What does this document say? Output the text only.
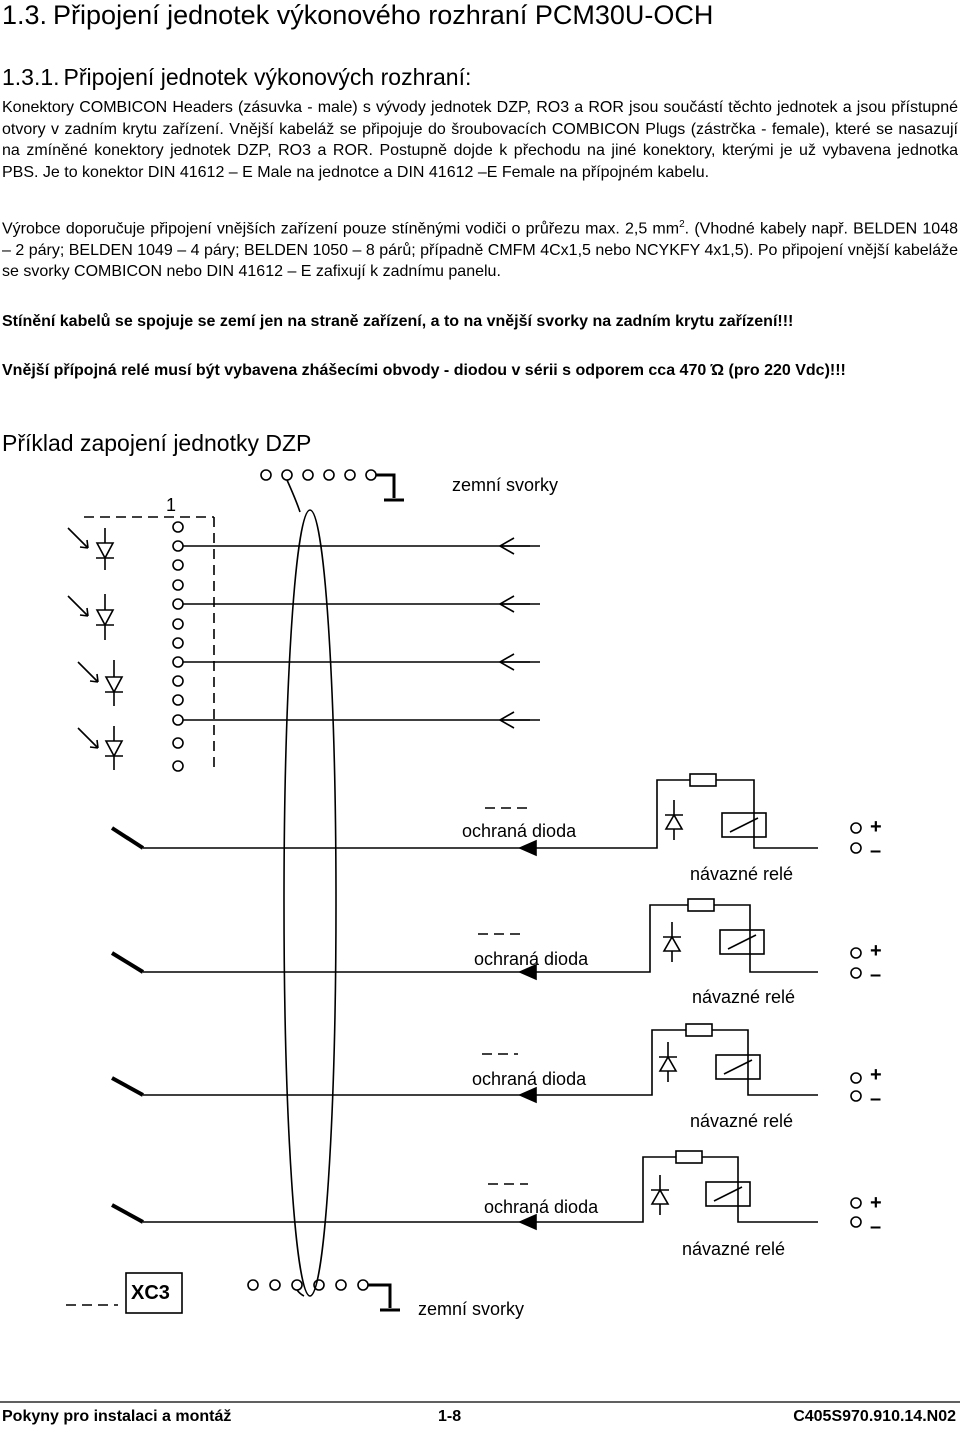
1.3. Připojení jednotek výkonového rozhraní PCM30U-OCH
1.3.1. Připojení jednotek výkonových rozhraní:
Konektory COMBICON Headers (zásuvka - male) s vývody jednotek DZP, RO3 a ROR jsou součástí těchto jednotek a jsou přístupné otvory v zadním krytu zařízení. Vnější kabeláž se připojuje do šroubovacích COMBICON Plugs (zástrčka - female), které se nasazují na zmíněné konektory jednotek DZP, RO3 a ROR. Postupně dojde k přechodu na jiné konektory, kterými je už vybavena jednotka PBS. Je to konektor DIN 41612 – E Male na jednotce a DIN 41612 –E Female na přípojném kabelu.
Výrobce doporučuje připojení vnějších zařízení pouze stíněnými vodiči o průřezu max. 2,5 $mm^2$. (Vhodné kabely např. BELDEN 1048 – 2 páry; BELDEN 1049 – 4 páry; BELDEN 1050 – 8 párů; případně CMFM 4Cx1,5 nebo NCYKFY 4x1,5). Po připojení vnější kabeláže se svorky COMBICON nebo DIN 41612 – E zafixují k zadnímu panelu.
Stínění kabelů se spojuje se zemí jen na straně zařízení, a to na vnější svorky na zadním krytu zařízení!!!
Vnější přípojná relé musí být vybavena zhášecími obvody - diodou v sérii s odporem cca 470 Ώ (pro 220 Vdc)!!!
Příklad zapojení jednotky DZP
1
zemní svorky
ochraná dioda
návazné relé
ochraná dioda
návazné relé
ochraná dioda
návazné relé
ochraná dioda
návazné relé
+
–
+
–
+
–
+
–
XC3
zemní svorky
Pokyny pro instalaci a montáž	1-8	C405S970.910.14.N02
